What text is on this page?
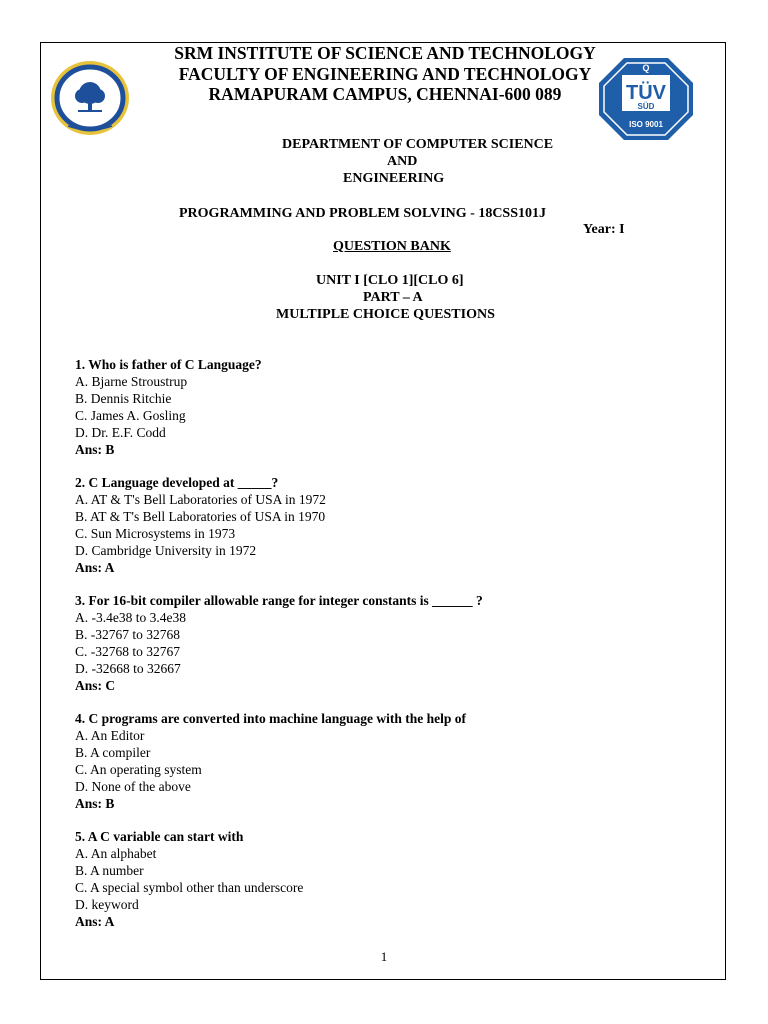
Q
TÜV
SÜD
ISO 9001

SRM INSTITUTE OF SCIENCE AND TECHNOLOGY

FACULTY OF ENGINEERING AND TECHNOLOGY

RAMAPURAM CAMPUS, CHENNAI-600 089

DEPARTMENT OF COMPUTER SCIENCE

AND

ENGINEERING

PROGRAMMING AND PROBLEM SOLVING - 18CSS101J

Year: I

QUESTION BANK

UNIT I [CLO 1][CLO 6]

PART – A

MULTIPLE CHOICE QUESTIONS

1. Who is father of C Language?

A. Bjarne Stroustrup

B. Dennis Ritchie

C. James A. Gosling

D. Dr. E.F. Codd

Ans: B

2. C Language developed at _____?

A. AT & T's Bell Laboratories of USA in 1972

B. AT & T's Bell Laboratories of USA in 1970

C. Sun Microsystems in 1973

D. Cambridge University in 1972

Ans: A

3. For 16-bit compiler allowable range for integer constants is ______ ?

A. -3.4e38 to 3.4e38

B. -32767 to 32768

C. -32768 to 32767

D. -32668 to 32667

Ans: C

4. C programs are converted into machine language with the help of

A. An Editor

B. A compiler

C. An operating system

D. None of the above

Ans: B

5. A C variable can start with

A. An alphabet

B. A number

C. A special symbol other than underscore

D. keyword

Ans: A

1
